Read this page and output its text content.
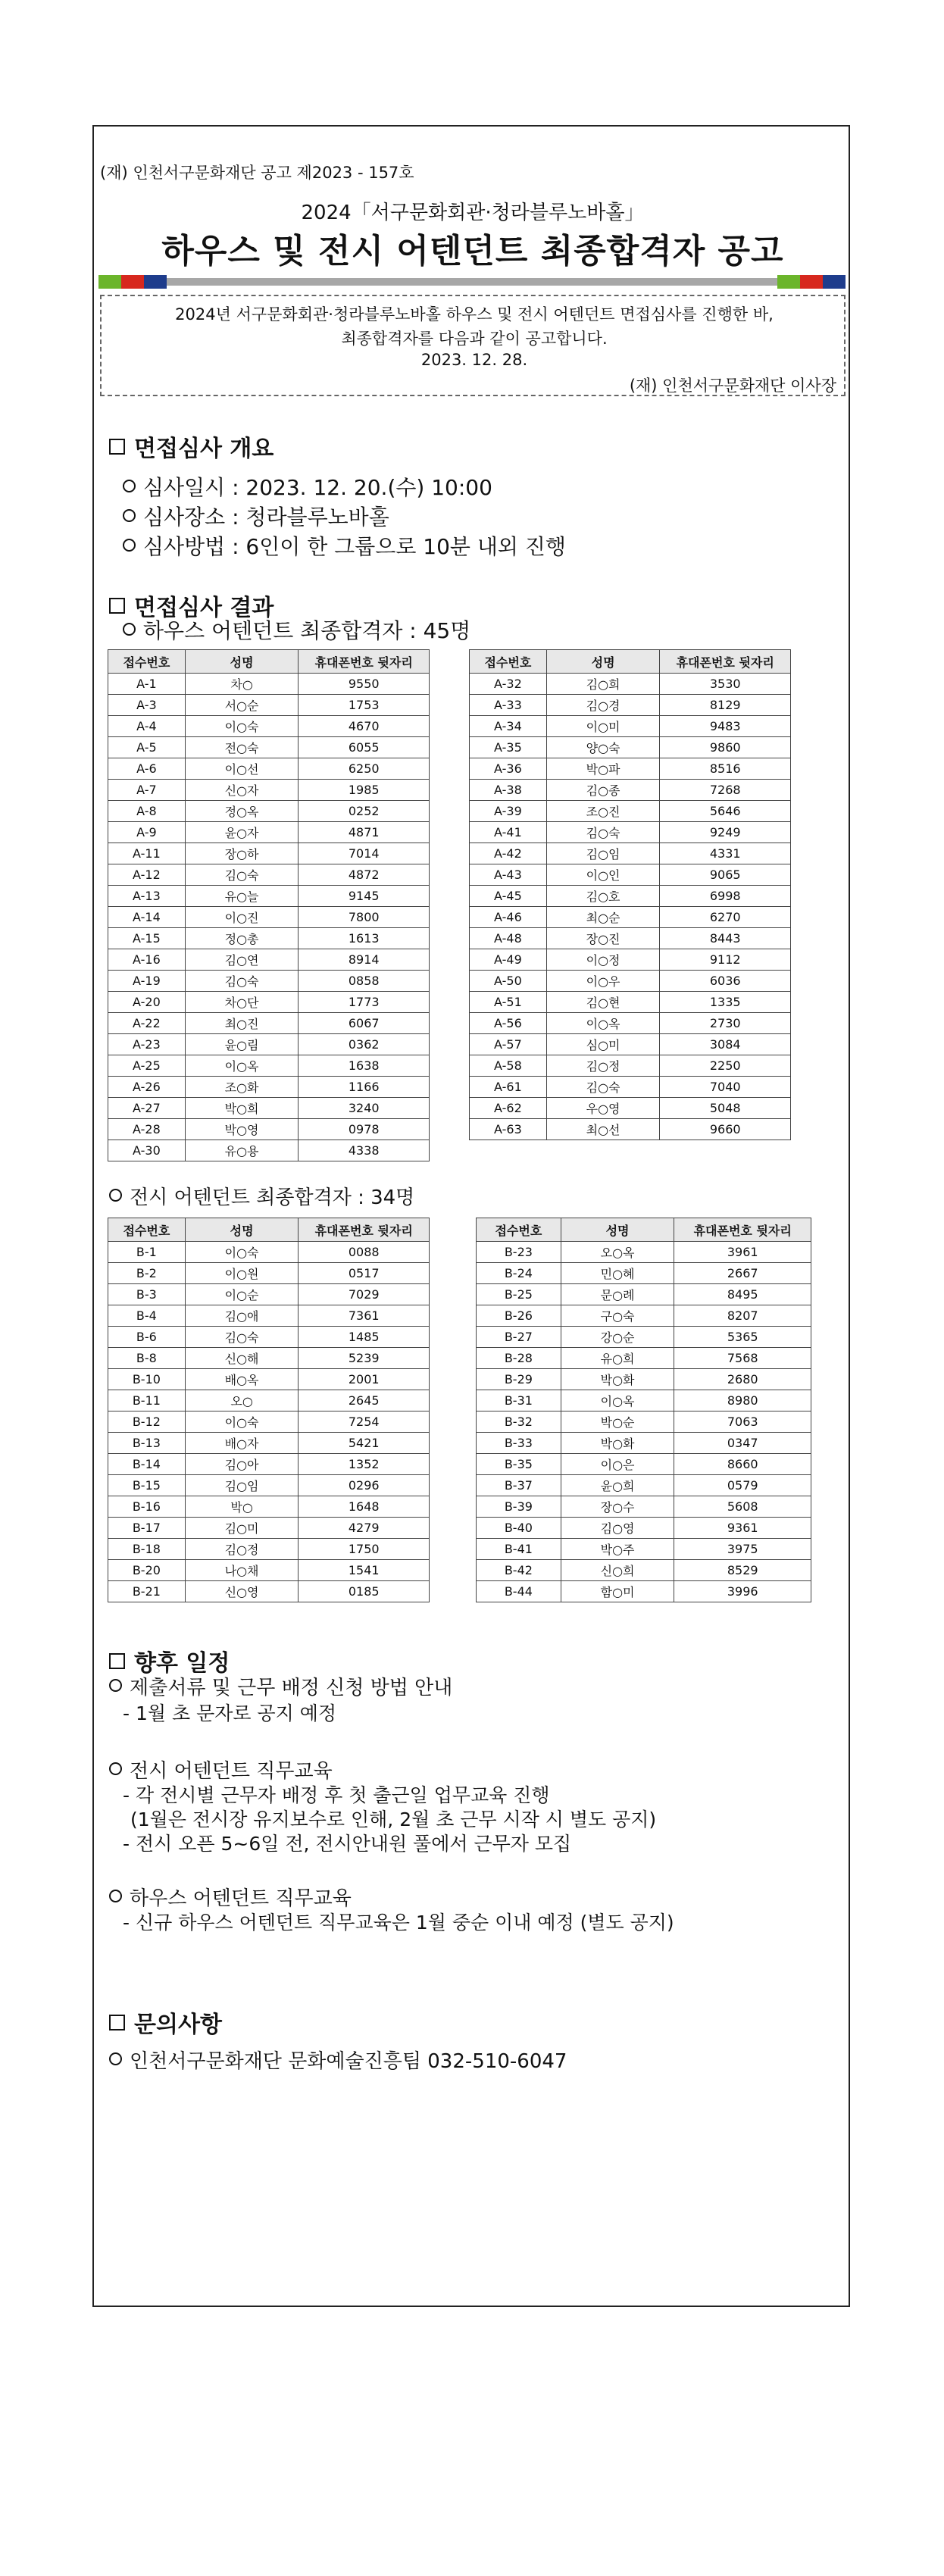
(재) 인천서구문화재단 공고 제2023 - 157호
2024「서구문화회관·청라블루노바홀」
하우스 및 전시 어텐던트 최종합격자 공고
2024년 서구문화회관·청라블루노바홀 하우스 및 전시 어텐던트 면접심사를 진행한 바,
최종합격자를 다음과 같이 공고합니다.
2023. 12. 28.
(재) 인천서구문화재단 이사장
면접심사 개요
심사일시 : 2023. 12. 20.(수) 10:00
심사장소 : 청라블루노바홀
심사방법 : 6인이 한 그룹으로 10분 내외 진행
면접심사 결과
하우스 어텐던트 최종합격자 : 45명
접수번호	성명	휴대폰번호 뒷자리
A-1	차○	9550
A-3	서○순	1753
A-4	이○숙	4670
A-5	전○숙	6055
A-6	이○선	6250
A-7	신○자	1985
A-8	정○옥	0252
A-9	윤○자	4871
A-11	장○하	7014
A-12	김○숙	4872
A-13	유○늘	9145
A-14	이○진	7800
A-15	정○총	1613
A-16	김○연	8914
A-19	김○숙	0858
A-20	차○단	1773
A-22	최○진	6067
A-23	윤○림	0362
A-25	이○옥	1638
A-26	조○화	1166
A-27	박○희	3240
A-28	박○영	0978
A-30	유○용	4338
접수번호	성명	휴대폰번호 뒷자리
A-32	김○희	3530
A-33	김○경	8129
A-34	이○미	9483
A-35	양○숙	9860
A-36	박○파	8516
A-38	김○종	7268
A-39	조○진	5646
A-41	김○숙	9249
A-42	김○임	4331
A-43	이○인	9065
A-45	김○호	6998
A-46	최○순	6270
A-48	장○진	8443
A-49	이○정	9112
A-50	이○우	6036
A-51	김○현	1335
A-56	이○옥	2730
A-57	심○미	3084
A-58	김○정	2250
A-61	김○숙	7040
A-62	우○영	5048
A-63	최○선	9660
전시 어텐던트 최종합격자 : 34명
접수번호	성명	휴대폰번호 뒷자리
B-1	이○숙	0088
B-2	이○원	0517
B-3	이○순	7029
B-4	김○애	7361
B-6	김○숙	1485
B-8	신○해	5239
B-10	배○옥	2001
B-11	오○	2645
B-12	이○숙	7254
B-13	배○자	5421
B-14	김○아	1352
B-15	김○임	0296
B-16	박○	1648
B-17	김○미	4279
B-18	김○정	1750
B-20	나○채	1541
B-21	신○영	0185
접수번호	성명	휴대폰번호 뒷자리
B-23	오○옥	3961
B-24	민○혜	2667
B-25	문○례	8495
B-26	구○숙	8207
B-27	강○순	5365
B-28	유○희	7568
B-29	박○화	2680
B-31	이○옥	8980
B-32	박○순	7063
B-33	박○화	0347
B-35	이○은	8660
B-37	윤○희	0579
B-39	장○수	5608
B-40	김○영	9361
B-41	박○주	3975
B-42	신○희	8529
B-44	함○미	3996
향후 일정
제출서류 및 근무 배정 신청 방법 안내
- 1월 초 문자로 공지 예정
전시 어텐던트 직무교육
- 각 전시별 근무자 배정 후 첫 출근일 업무교육 진행
(1월은 전시장 유지보수로 인해, 2월 초 근무 시작 시 별도 공지)
- 전시 오픈 5~6일 전, 전시안내원 풀에서 근무자 모집
하우스 어텐던트 직무교육
- 신규 하우스 어텐던트 직무교육은 1월 중순 이내 예정 (별도 공지)
문의사항
인천서구문화재단 문화예술진흥팀 032-510-6047
